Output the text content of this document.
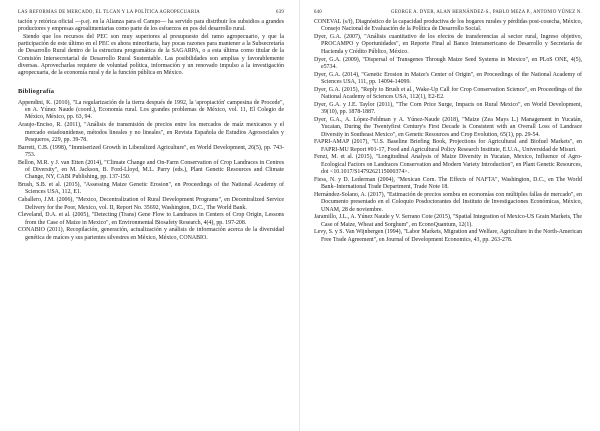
LAS REFORMAS DE MERCADO, EL TLCAN Y LA POLÍTICA AGROPECUARIA	639

tación y retórica oficial —p.ej. en la Alianza para el Campo— ha servido para distribuir los subsidios a grandes productores y empresas agroalimentarias como parte de los esfuerzos en pos del desarrollo rural.

Siendo que los recursos del PEC son muy superiores al presupuesto del ramo agropecuario, y que la participación de este último en el PEC es ahora minoritaria, hay pocas razones para mantener a la Subsecretaría de Desarrollo Rural dentro de la estructura programática de la SAGARPA, o a esta última como titular de la Comisión Intersecretarial de Desarrollo Rural Sustentable. Las posibilidades son amplias y favorablemente diversas. Aprovecharlas requiere de voluntad política, información y un renovado impulso a la investigación agropecuaria, de la economía rural y de la función pública en México.

Bibliografía

Appendini, K. (2010), "La regularización de la tierra después de 1992, la 'apropiación' campesina de Procede", en A. Yúnez Naude (coord.), Economía rural. Los grandes problemas de México, vol. 11, El Colegio de México, México, pp. 63, 94.

Araujo-Enciso, R. (2011), "Análisis de transmisión de precios entre los mercados de maíz mexicanos y el mercado estadounidense, métodos lineales y no lineales", en Revista Española de Estudios Agrosociales y Pesqueros, 229, pp. 39-78.

Barrett, C.B. (1998), "Immiserized Growth in Liberalized Agriculture", en World Development, 26(5), pp. 743-753.

Bellon, M.R. y J. van Etten (2014), "Climate Change and On-Farm Conservation of Crop Landraces in Centres of Diversity", en M. Jackson, B. Ford-Lloyd, M.L. Parry (eds.), Plant Genetic Resources and Climate Change, NY, CABI Publishing, pp. 137-150.

Brush, S.B. et al. (2015), "Assessing Maize Genetic Erosion", en Proceedings of the National Academy of Sciences USA, 112, E1.

Caballero, J.M. (2006), "Mexico, Decentralization of Rural Development Programs", en Decentralized Service Delivery for the Poor, Mexico, vol. II, Report No. 35692, Washington, D.C., The World Bank.

Cleveland, D.A. et al. (2005), "Detecting (Trans) Gene Flow to Landraces in Centers of Crop Origin, Lessons from the Case of Maize in Mexico", en Environmental Biosafety Research, 4(4), pp. 197-208.

CONABIO (2011), Recopilación, generación, actualización y análisis de información acerca de la diversidad genética de maíces y sus parientes silvestres en México, México, CONABIO.

640	GEORGE A. DYER, ALAN HERNÁNDEZ-S., PABLO MEZA P., ANTONIO YÚNEZ N.

CONEVAL (s/f), Diagnóstico de la capacidad productiva de los hogares rurales y pérdidas post-cosecha, México, Consejo Nacional de Evaluación de la Política de Desarrollo Social.

Dyer, G.A. (2007), "Análisis cuantitativo de los efectos de transferencias al sector rural, Ingreso objetivo, PROCAMPO y Oportunidades", en Reporte Final al Banco Interamericano de Desarrollo y Secretaría de Hacienda y Crédito Público, México.

Dyer, G.A. (2009), "Dispersal of Transgenes Through Maize Seed Systems in Mexico", en PLoS ONE, 4(5), e5734.

Dyer, G.A. (2014), "Genetic Erosion in Maize's Center of Origin", en Proceedings of the National Academy of Sciences USA, 111, pp. 14094-14099.

Dyer, G.A. (2015), "Reply to Brush et al., Wake-Up Call for Crop Conservation Science", en Proceedings of the National Academy of Sciences USA, 112(1), E2-E2.

Dyer, G.A. y J.E. Taylor (2011), "The Corn Price Surge, Impacts on Rural Mexico", en World Development, 39(10), pp. 1878-1887.

Dyer, G.A., A. López-Feldman y A. Yúnez-Naude (2018), "Maize (Zea Mays L.) Management in Yucatán, Yucatan, During the Twentyfirst Century's First Decade is Consistent with an Overall Loss of Landrace Diversity in Southeast Mexico", en Genetic Resources and Crop Evolution, 65(1), pp. 29-54.

FAPRI-AMAP (2017), "U.S. Baseline Briefing Book, Projections for Agricultural and Biofuel Markets", en FAPRI-MU Report #01-17, Food and Agricultural Policy Research Institute, E.U.A., Universidad de Misuri.

Fenzi, M. et al. (2015), "Longitudinal Analysis of Maize Diversity in Yucatan, Mexico, Influence of Agro-Ecological Factors on Landraces Conservation and Modern Variety Introduction", en Plant Genetic Resources, doi <10.1017/S1479262115000374>.

Fiess, N. y D. Lederman (2004), "Mexican Corn. The Effects of NAFTA", Washington, D.C., en The World Bank–International Trade Department, Trade Note 18.

Hernández-Solano, A. (2017), "Estimación de precios sombra en economías con múltiples fallas de mercado", en Documento presentado en el Coloquio Posdoctorantes del Instituto de Investigaciones Económicas, México, UNAM, 28 de noviembre.

Jaramillo, J.L., A. Yúnez Naude y V. Serrano Cote (2015), "Spatial Integration of Mexico-US Grain Markets, The Case of Maize, Wheat and Sorghum", en EconoQuantum, 12(1).

Levy, S. y S. Van Wijnbergen (1994), "Labor Markets, Migration and Welfare, Agriculture in the North-American Free Trade Agreement", en Journal of Development Economics, 43, pp. 263-278.
